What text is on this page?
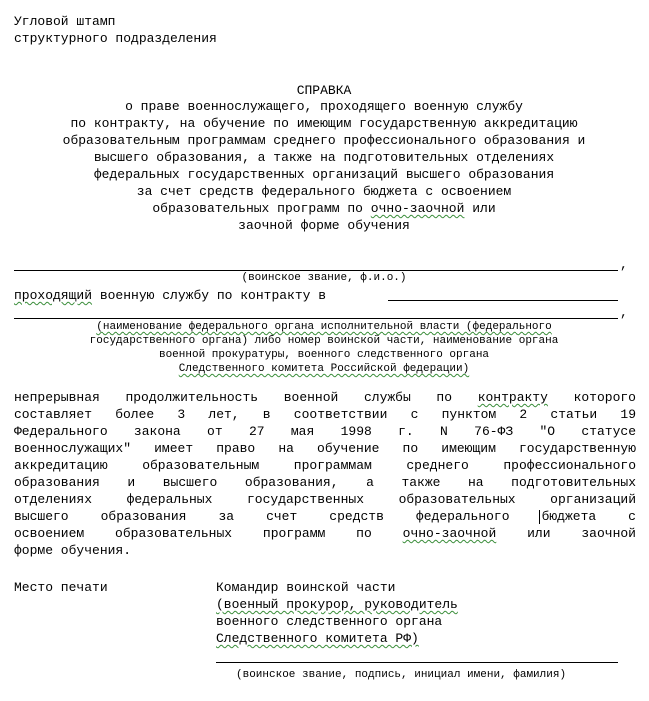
Угловой штамп
структурного подразделения
СПРАВКА
о праве военнослужащего, проходящего военную службу
по контракту, на обучение по имеющим государственную аккредитацию
образовательным программам среднего профессионального образования и
высшего образования, а также на подготовительных отделениях
федеральных государственных организаций высшего образования
за счет средств федерального бюджета с освоением
образовательных программ по очно-заочной или
заочной форме обучения
,
(воинское звание, ф.и.о.)
проходящий военную службу по контракту в
,
(наименование федерального органа исполнительной власти (федерального
государственного органа) либо номер воинской части, наименование органа
военной прокуратуры, военного следственного органа
Следственного комитета Российской федерации)
непрерывная продолжительность военной службы по контракту которого
составляет более 3 лет, в соответствии с пунктом 2 статьи 19
Федерального закона от 27 мая 1998 г. N 76-ФЗ "О статусе
военнослужащих" имеет право на обучение по имеющим государственную
аккредитацию образовательным программам среднего профессионального
образования и высшего образования, а также на подготовительных
отделениях федеральных государственных образовательных организаций
высшего образования за счет средств федерального бюджета с
освоением образовательных программ по очно-заочной или заочной
форме обучения.
Место печати	Командир воинской части
(военный прокурор, руководитель
военного следственного органа
Следственного комитета РФ)
(воинское звание, подпись, инициал имени, фамилия)
